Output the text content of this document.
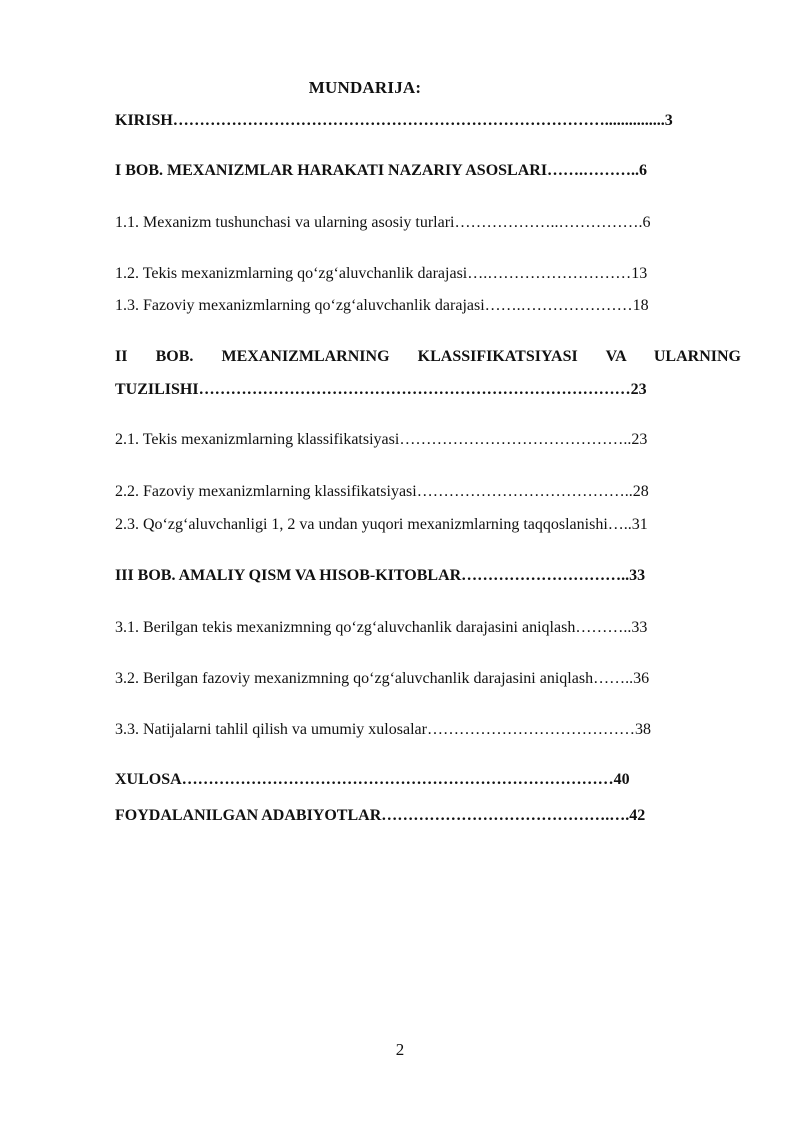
MUNDARIJA:
KIRISH………………………………………………………………………...............3
I BOB. MEXANIZMLAR HARAKATI NAZARIY ASOSLARI…….………..6
1.1. Mexanizm tushunchasi va ularning asosiy turlari………………..…………….6
1.2. Tekis mexanizmlarning qo‘zg‘aluvchanlik darajasi….………………………13
1.3. Fazoviy mexanizmlarning qo‘zg‘aluvchanlik darajasi…….…………………18
II BOB. MEXANIZMLARNING KLASSIFIKATSIYASI VA ULARNING
TUZILISHI………………………………………………………………………23
2.1. Tekis mexanizmlarning klassifikatsiyasi……………………………………..23
2.2. Fazoviy mexanizmlarning klassifikatsiyasi…………………………………..28
2.3. Qo‘zg‘aluvchanligi 1, 2 va undan yuqori mexanizmlarning taqqoslanishi…..31
III BOB. AMALIY QISM VA HISOB-KITOBLAR…………………………..33
3.1. Berilgan tekis mexanizmning qo‘zg‘aluvchanlik darajasini aniqlash………..33
3.2. Berilgan fazoviy mexanizmning qo‘zg‘aluvchanlik darajasini aniqlash……..36
3.3. Natijalarni tahlil qilish va umumiy xulosalar…………………………………38
XULOSA………………………………………………………………………40
FOYDALANILGAN ADABIYOTLAR…………………………………….….42
2
